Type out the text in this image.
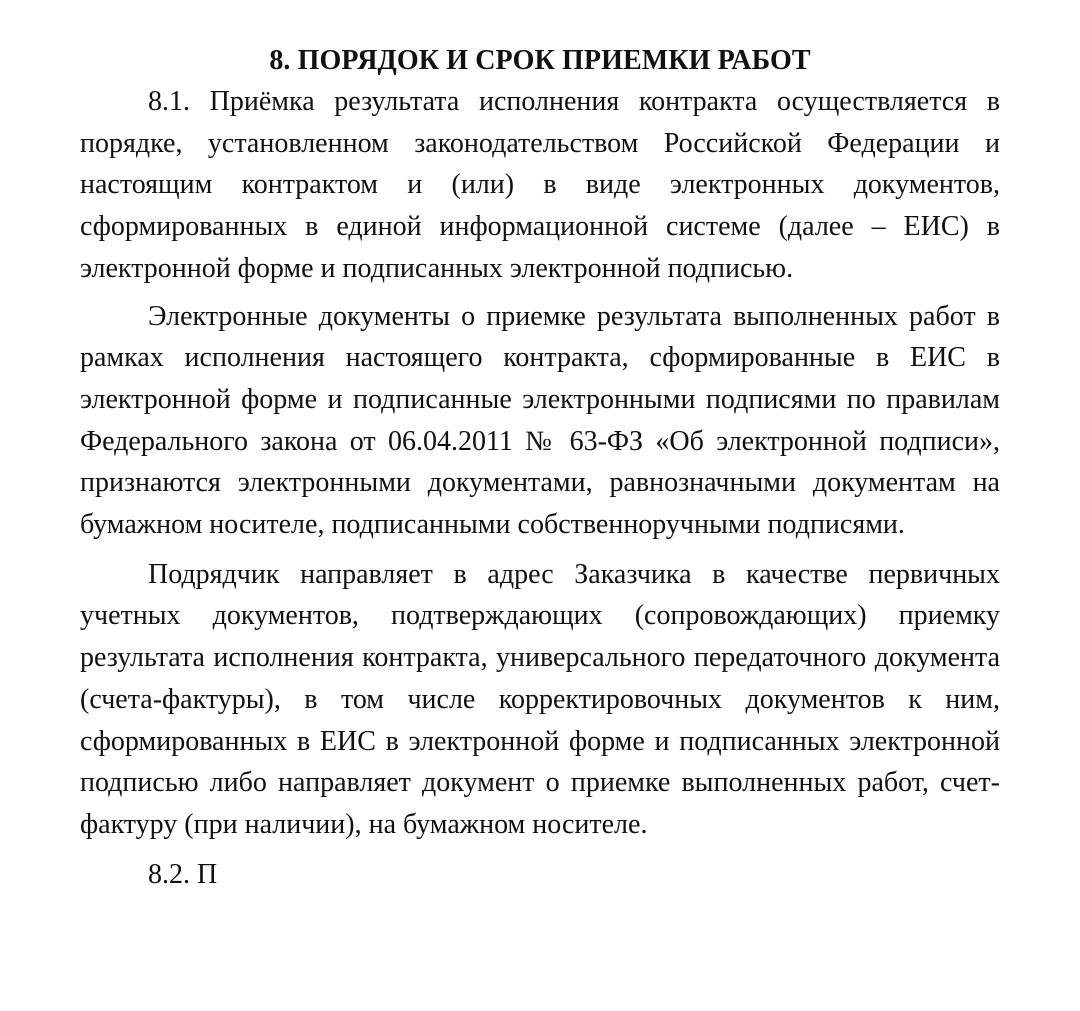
8. ПОРЯДОК И СРОК ПРИЕМКИ РАБОТ

8.1. Приёмка результата исполнения контракта осуществляется в порядке, установленном законодательством Российской Федерации и настоящим контрактом и (или) в виде электронных документов, сформированных в единой информационной системе (далее – ЕИС) в электронной форме и подписанных электронной подписью.

Электронные документы о приемке результата выполненных работ в рамках исполнения настоящего контракта, сформированные в ЕИС в электронной форме и подписанные электронными подписями по правилам Федерального закона от 06.04.2011 № 63-ФЗ «Об электронной подписи», признаются электронными документами, равнозначными документам на бумажном носителе, подписанными собственноручными подписями.

Подрядчик направляет в адрес Заказчика в качестве первичных учетных документов, подтверждающих (сопровождающих) приемку результата исполнения контракта, универсального передаточного документа (счета-фактуры), в том числе корректировочных документов к ним, сформированных в ЕИС в электронной форме и подписанных электронной подписью либо направляет документ о приемке выполненных работ, счет-фактуру (при наличии), на бумажном носителе.

8.2. П
